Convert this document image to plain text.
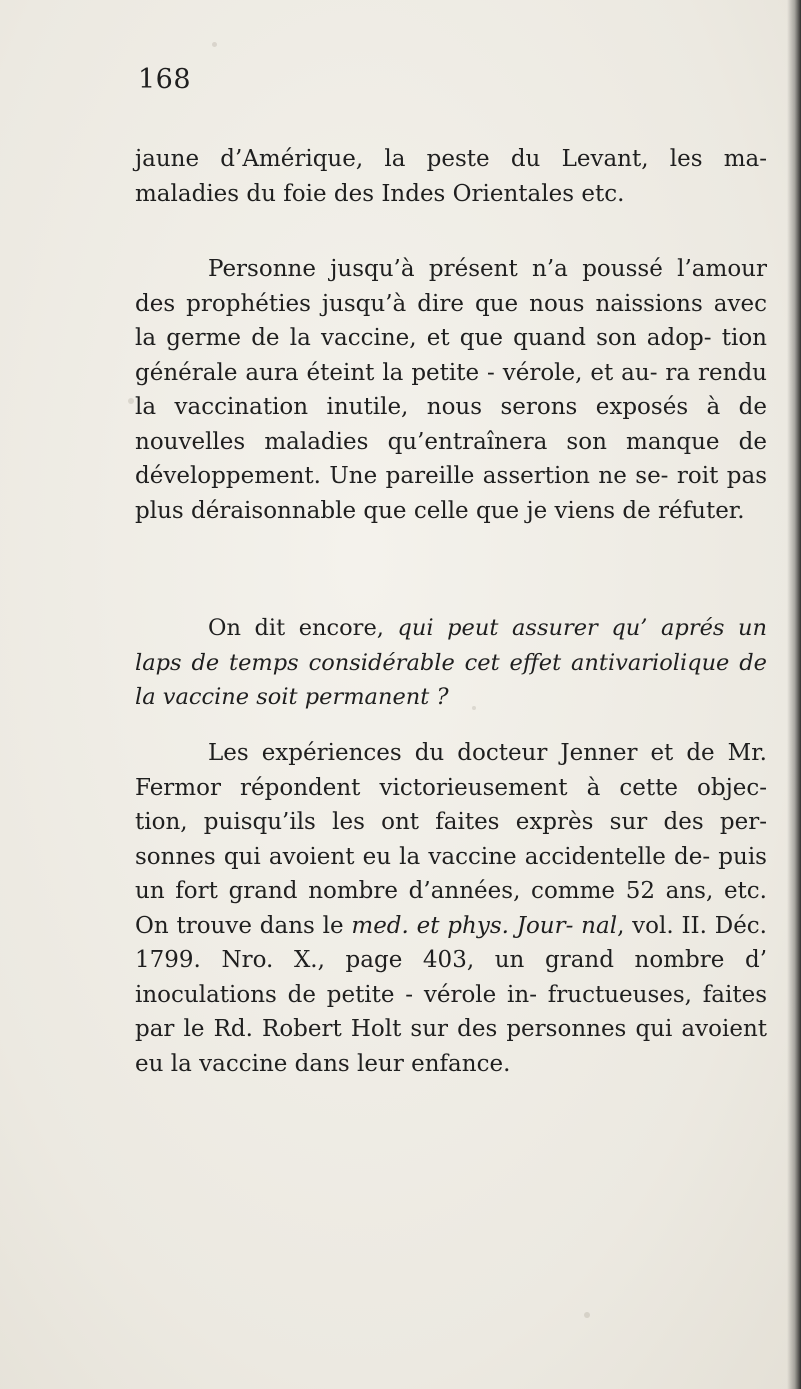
168
jaune d’Amérique, la peste du Levant, les ma- maladies du foie des Indes Orientales etc.
Personne jusqu’à présent n’a poussé l’amour des prophéties jusqu’à dire que nous naissions avec la germe de la vaccine, et que quand son adop- tion générale aura éteint la petite - vérole, et au- ra rendu la vaccination inutile, nous serons exposés à de nouvelles maladies qu’entraînera son manque de développement. Une pareille assertion ne se- roit pas plus déraisonnable que celle que je viens de réfuter.
On dit encore, qui peut assurer qu’ aprés un laps de temps considérable cet effet antivariolique de la vaccine soit permanent ?
Les expériences du docteur Jenner et de Mr. Fermor répondent victorieusement à cette objec- tion, puisqu’ils les ont faites exprès sur des per- sonnes qui avoient eu la vaccine accidentelle de- puis un fort grand nombre d’années, comme 52 ans, etc. On trouve dans le med. et phys. Jour- nal, vol. II. Déc. 1799. Nro. X., page 403, un grand nombre d’ inoculations de petite - vérole in- fructueuses, faites par le Rd. Robert Holt sur des personnes qui avoient eu la vaccine dans leur enfance.
